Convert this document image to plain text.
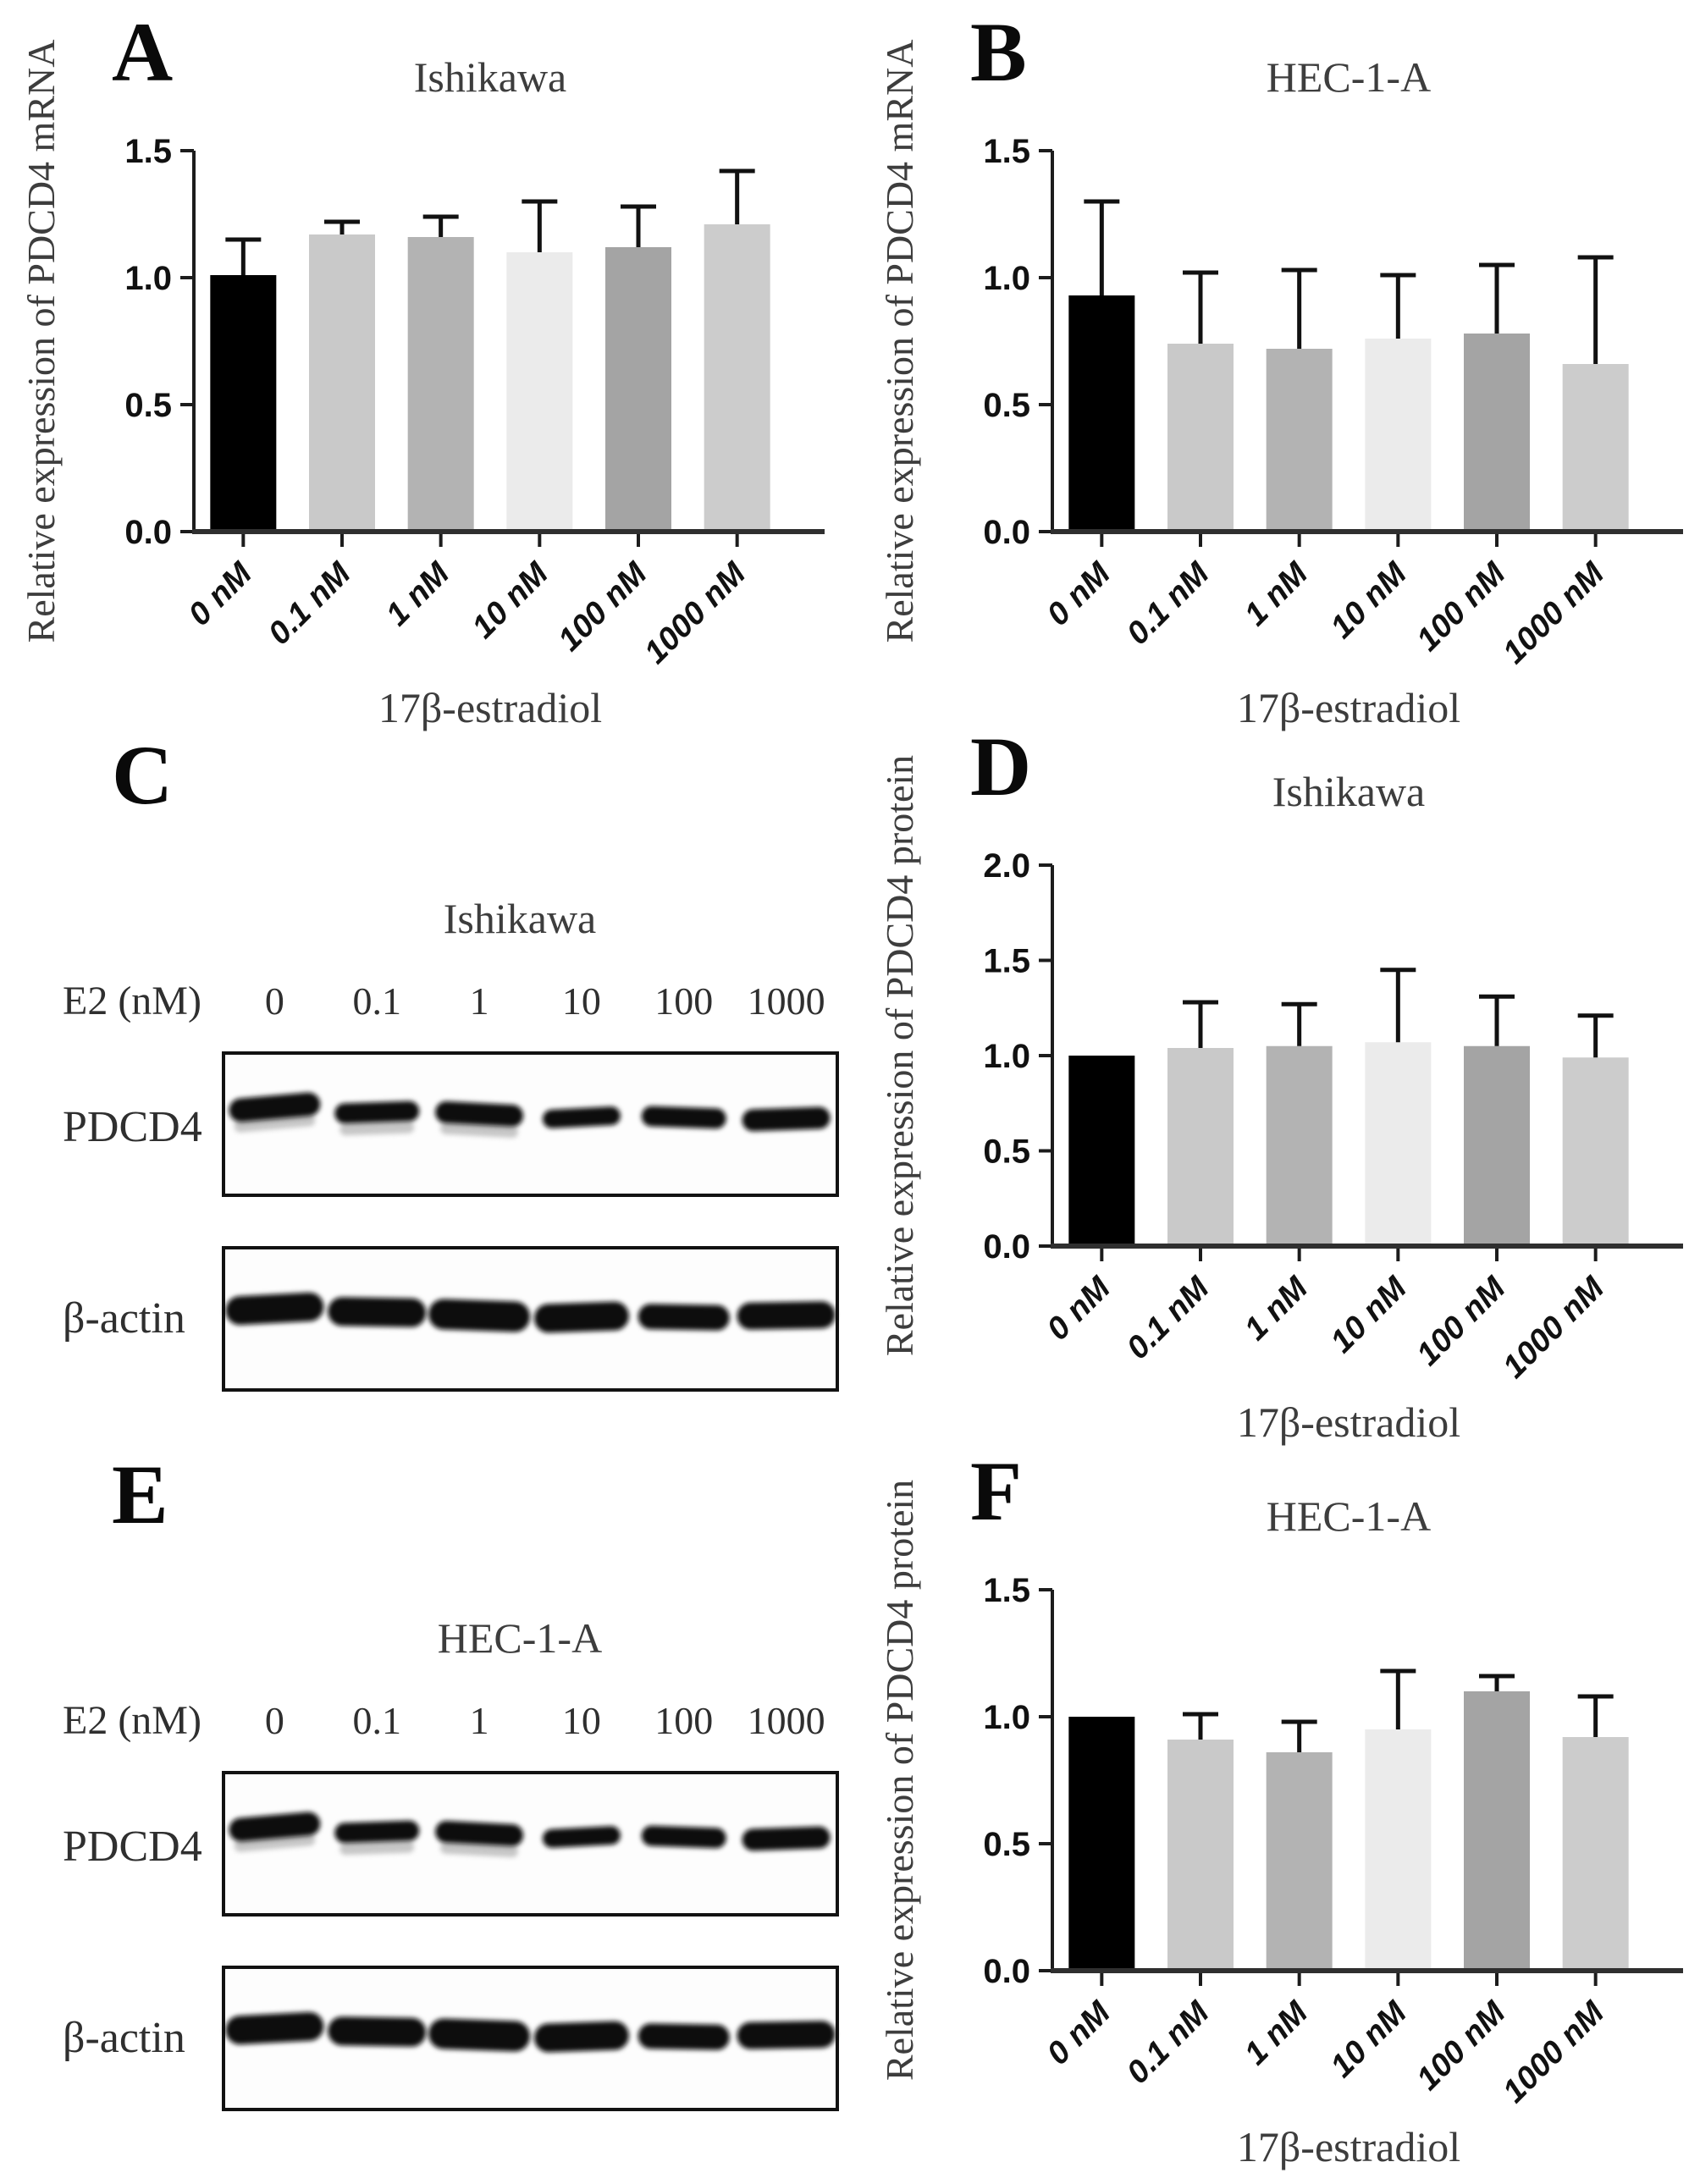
A	Ishikawa
Relative expression of PDCD4 mRNA 0.0
0.5
1.0
1.5
0 nM 0.1 nM 1 nM 10 nM
100 nM
1000 nM
17β-estradiol
B	HEC-1-A
Relative expression of PDCD4 mRNA 0.0
0.5
1.0
1.5
0 nM 0.1 nM 1 nM 10 nM
100 nM
1000 nM
17β-estradiol
C
Ishikawa
E2 (nM) 0 0.1 1 10 100 1000
PDCD4
β-actin
D	Ishikawa
Relative expression of PDCD4 protein 0.0
0.5
1.0
1.5
2.0
0 nM 0.1 nM 1 nM 10 nM
100 nM
1000 nM
17β-estradiol
E
HEC-1-A
E2 (nM) 0 0.1 1 10 100 1000
PDCD4
β-actin
F	HEC-1-A
Relative expression of PDCD4 protein 0.0
0.5
1.0
1.5
0 nM 0.1 nM 1 nM 10 nM
100 nM
1000 nM
17β-estradiol
